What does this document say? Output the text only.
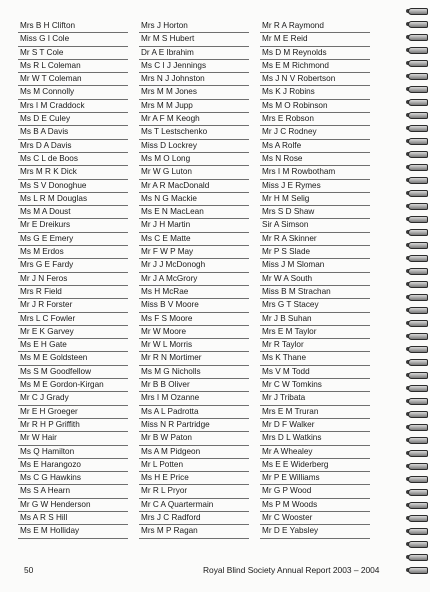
Mrs B H Clifton
Miss G I Cole
Mr S T Cole
Ms R L Coleman
Mr W T Coleman
Ms M Connolly
Mrs I M Craddock
Ms D E Culey
Ms B A Davis
Mrs D A Davis
Ms C L de Boos
Mrs M R K Dick
Ms S V Donoghue
Ms L R M Douglas
Ms M A Doust
Mr E Dreikurs
Ms G E Emery
Ms M Erdos
Mrs G E Fardy
Mr J N Feros
Mrs R Field
Mr J R Forster
Mrs L C Fowler
Mr E K Garvey
Ms E H Gate
Ms M E Goldsteen
Ms S M Goodfellow
Ms M E Gordon-Kirgan
Mr C J Grady
Mr E H Groeger
Mr R H P Griffith
Mr W Hair
Ms Q Hamilton
Ms E Harangozo
Ms C G Hawkins
Ms S A Hearn
Mr G W Henderson
Ms A R S Hill
Ms E M Holliday
Mrs J Horton
Mr M S Hubert
Dr A E Ibrahim
Ms C I J Jennings
Mrs N J Johnston
Mrs M M Jones
Mrs M M Jupp
Mr A F M Keogh
Ms T Lestschenko
Miss D Lockrey
Ms M O Long
Mr W G Luton
Mr A R MacDonald
Ms N G Mackie
Ms E N MacLean
Mr J H Martin
Ms C E Matte
Mr F W P May
Mr J J McDonogh
Mr J A McGrory
Ms H McRae
Miss B V Moore
Ms F S Moore
Mr W Moore
Mr W L Morris
Mr R N Mortimer
Ms M G Nicholls
Mr B B Oliver
Mrs I M Ozanne
Ms A L Padrotta
Miss N R Partridge
Mr B W Paton
Ms A M Pidgeon
Mr L Potten
Ms H E Price
Mr R L Pryor
Mr C A Quartermain
Mrs J C Radford
Mrs M P Ragan
Mr R A Raymond
Mr M E Reid
Ms D M Reynolds
Ms E M Richmond
Ms J N V Robertson
Ms K J Robins
Ms M O Robinson
Mrs E Robson
Mr J C Rodney
Ms A Rolfe
Ms N Rose
Mrs I M Rowbotham
Miss J E Rymes
Mr H M Selig
Mrs S D Shaw
Sir A Simson
Mr R A Skinner
Mr P S Slade
Miss J M Sloman
Mr W A South
Miss B M Strachan
Mrs G T Stacey
Mr J B Suhan
Mrs E M Taylor
Mr R Taylor
Ms K Thane
Ms V M Todd
Mr C W Tomkins
Mr J Tribata
Mrs E M Truran
Mr D F Walker
Mrs D L Watkins
Mr A Whealey
Ms E E Widerberg
Mr P E Williams
Mr G P Wood
Ms P M Woods
Mr C Wooster
Mr D E Yabsley
50	Royal Blind Society Annual Report 2003 – 2004
